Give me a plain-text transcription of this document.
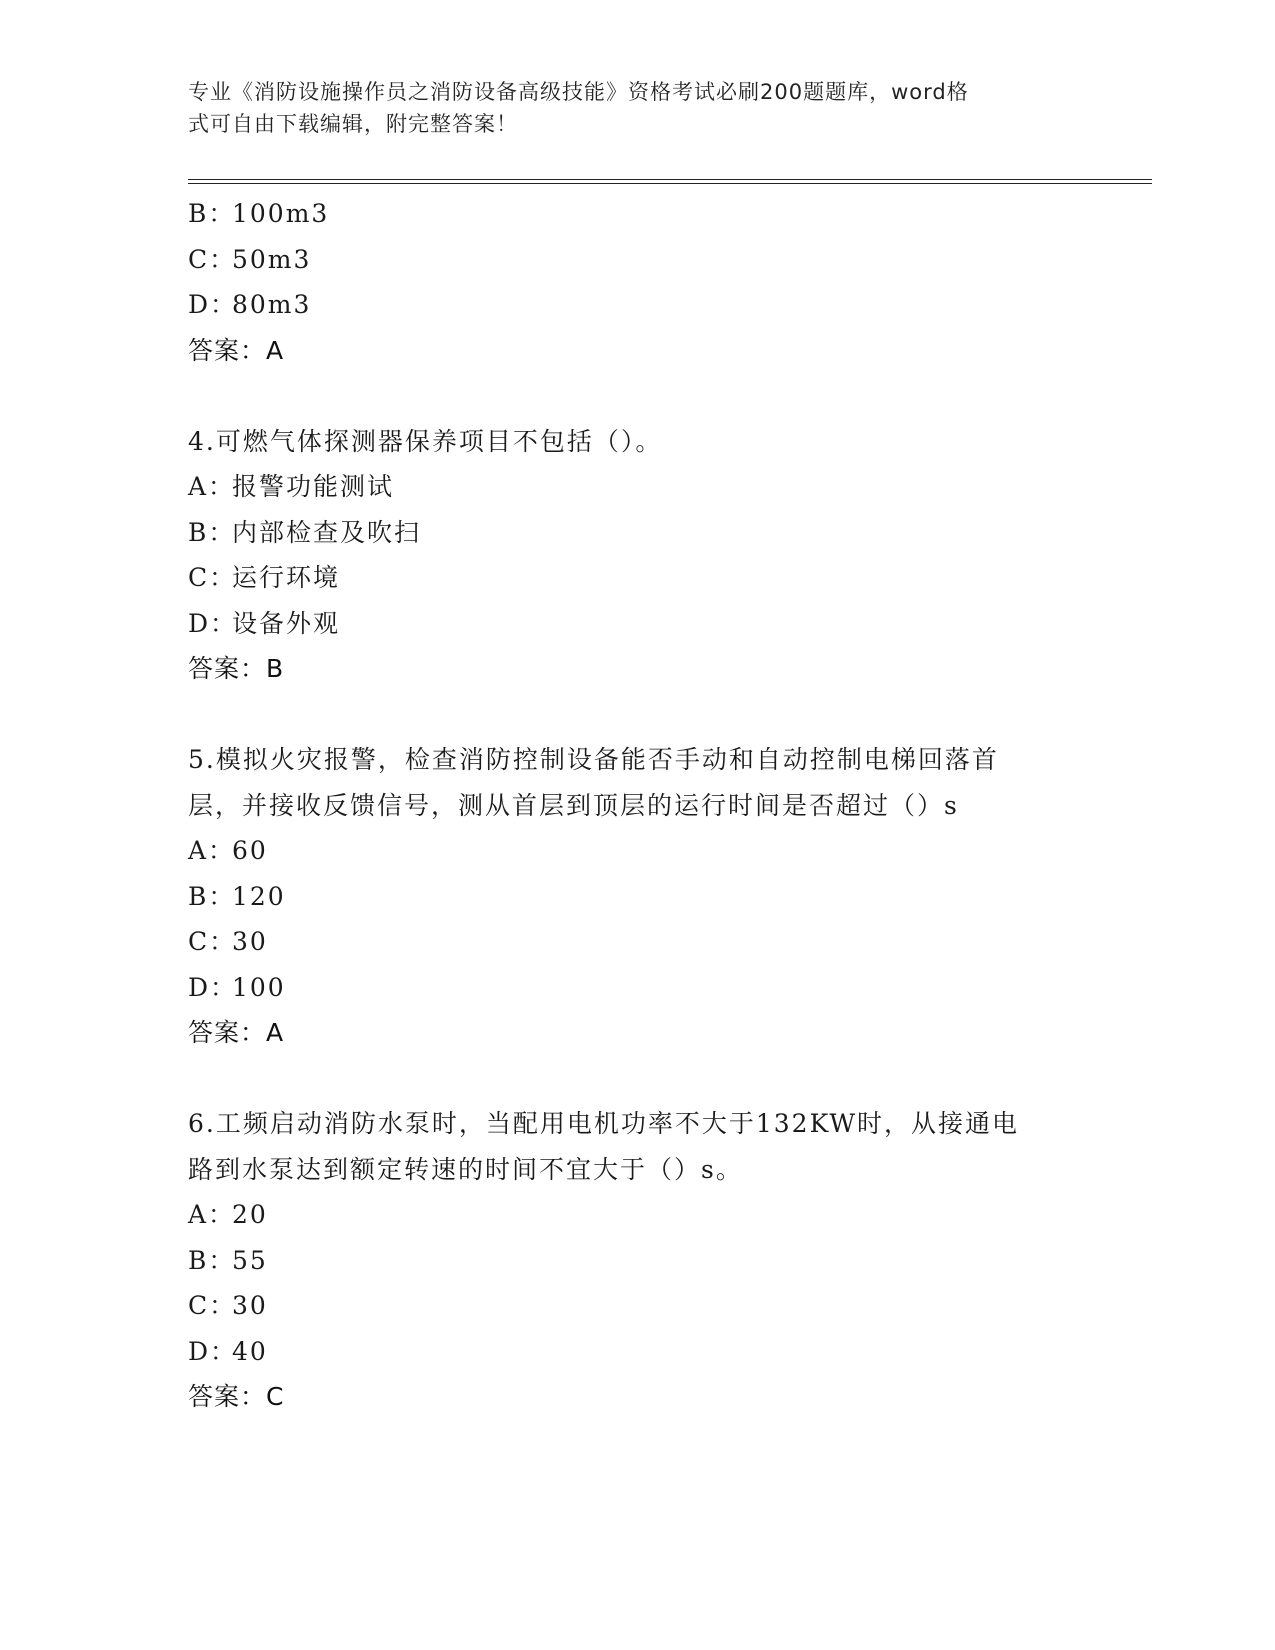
专业《消防设施操作员之消防设备高级技能》资格考试必刷200题题库，word格
式可自由下载编辑，附完整答案！
B：100m3
C：50m3
D：80m3
答案：A
4.可燃气体探测器保养项目不包括（）。
A：报警功能测试
B：内部检查及吹扫
C：运行环境
D：设备外观
答案：B
5.模拟火灾报警，检查消防控制设备能否手动和自动控制电梯回落首
层，并接收反馈信号，测从首层到顶层的运行时间是否超过（）s
A：60
B：120
C：30
D：100
答案：A
6.工频启动消防水泵时，当配用电机功率不大于132KW时，从接通电
路到水泵达到额定转速的时间不宜大于（）s。
A：20
B：55
C：30
D：40
答案：C
